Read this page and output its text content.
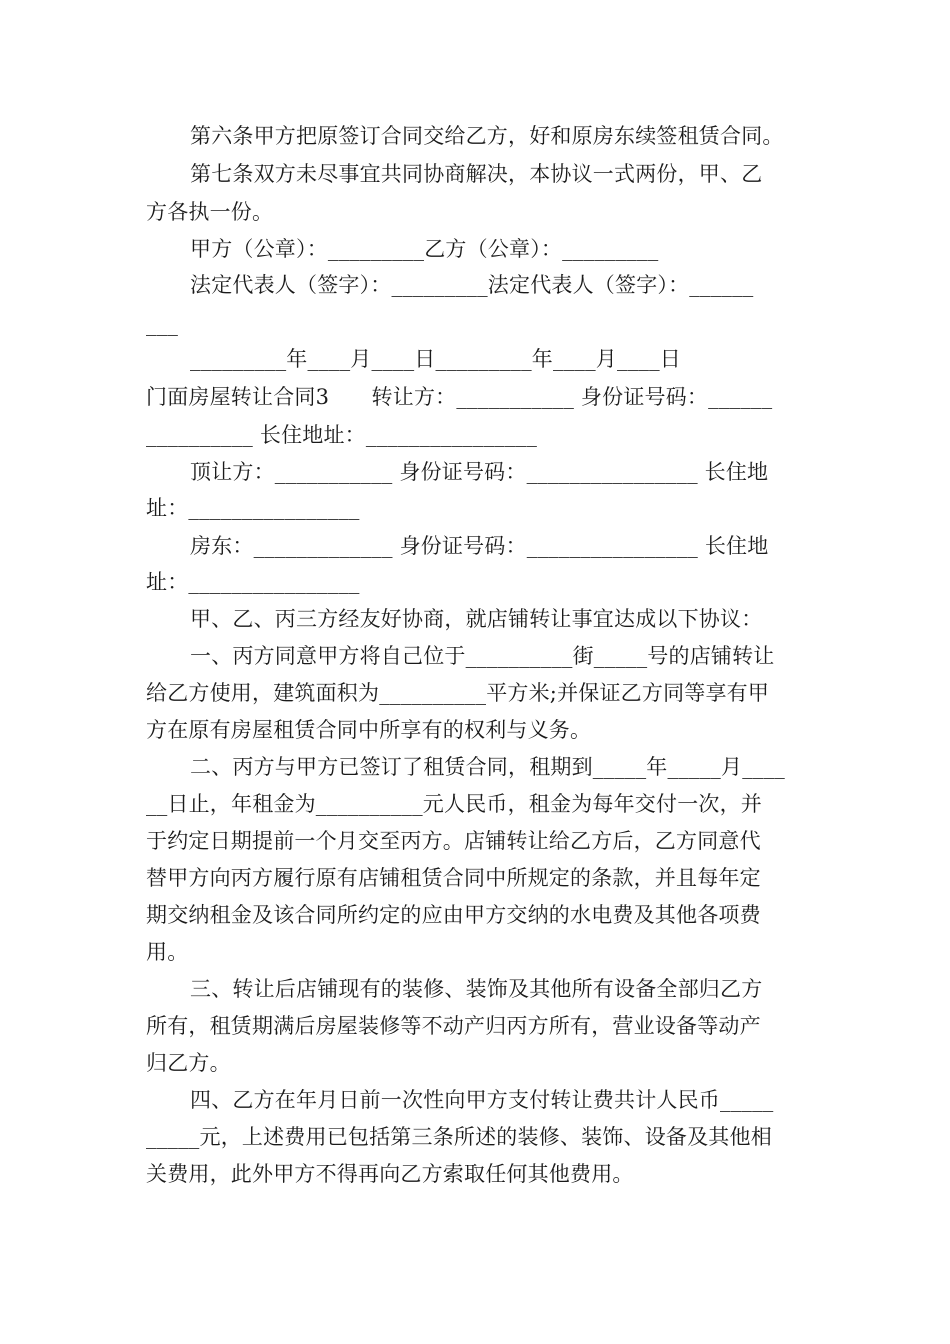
第六条甲方把原签订合同交给乙方，好和原房东续签租赁合同。
第七条双方未尽事宜共同协商解决，本协议一式两份，甲、乙
方各执一份。
甲方（公章）：_________乙方（公章）：_________
法定代表人（签字）：_________法定代表人（签字）：______
___
_________年____月____日_________年____月____日
门面房屋转让合同3　　转让方：___________ 身份证号码：______
__________ 长住地址：________________
顶让方：___________ 身份证号码：________________ 长住地
址：________________
房东：_____________ 身份证号码：________________ 长住地
址：________________
甲、乙、丙三方经友好协商，就店铺转让事宜达成以下协议：
一、丙方同意甲方将自己位于__________街_____号的店铺转让
给乙方使用，建筑面积为__________平方米;并保证乙方同等享有甲
方在原有房屋租赁合同中所享有的权利与义务。
二、丙方与甲方已签订了租赁合同，租期到_____年_____月____
__日止，年租金为__________元人民币，租金为每年交付一次，并
于约定日期提前一个月交至丙方。店铺转让给乙方后，乙方同意代
替甲方向丙方履行原有店铺租赁合同中所规定的条款，并且每年定
期交纳租金及该合同所约定的应由甲方交纳的水电费及其他各项费
用。
三、转让后店铺现有的装修、装饰及其他所有设备全部归乙方
所有，租赁期满后房屋装修等不动产归丙方所有，营业设备等动产
归乙方。
四、乙方在年月日前一次性向甲方支付转让费共计人民币_____
_____元，上述费用已包括第三条所述的装修、装饰、设备及其他相
关费用，此外甲方不得再向乙方索取任何其他费用。
